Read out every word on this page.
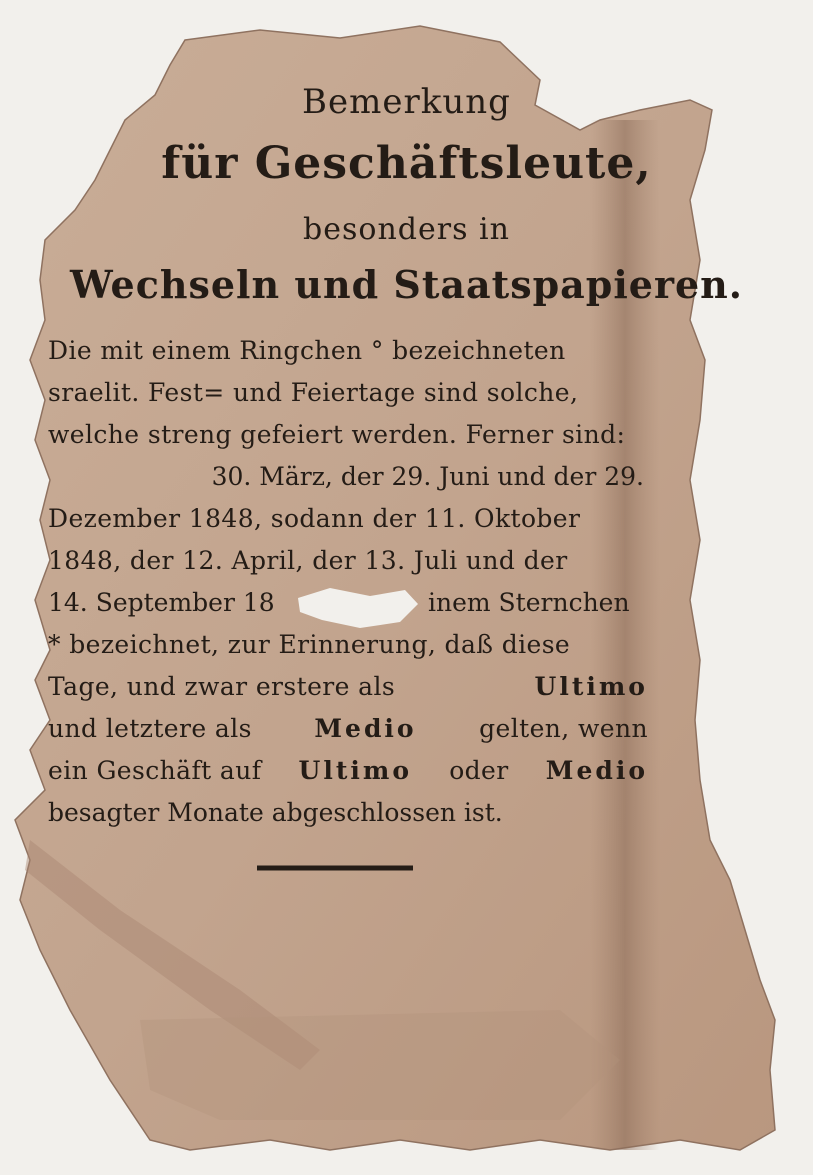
Bemerkung
für Geschäftsleute,
besonders in
Wechseln und Staatspapieren.
Die mit einem Ringchen ° bezeichneten
sraelit. Fest= und Feiertage sind solche,
welche streng gefeiert werden. Ferner sind:
30. März, der 29. Juni und der 29.
Dezember 1848, sodann der 11. Oktober
1848, der 12. April, der 13. Juli und der
14. September 18	inem Sternchen
* bezeichnet, zur Erinnerung, daß diese
Tage, und zwar erstere als	Ultimo
und letztere als	Medio	gelten, wenn
ein Geschäft auf Ultimo oder Medio
besagter Monate abgeschlossen ist.
